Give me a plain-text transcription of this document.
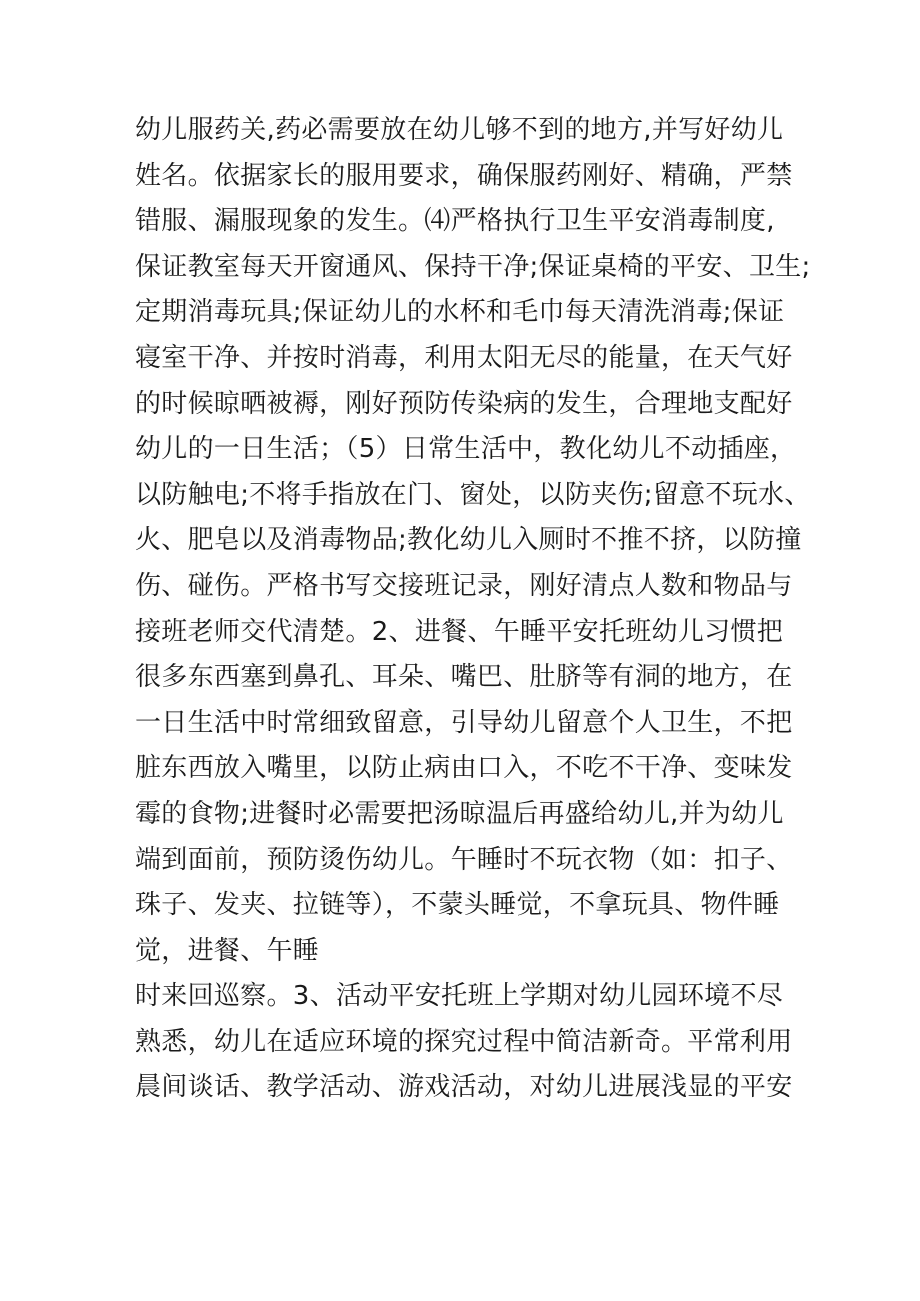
幼儿服药关,药必需要放在幼儿够不到的地方,并写好幼儿
姓名。依据家长的服用要求，确保服药刚好、精确，严禁
错服、漏服现象的发生。⑷严格执行卫生平安消毒制度,
保证教室每天开窗通风、保持干净;保证桌椅的平安、卫生;
定期消毒玩具;保证幼儿的水杯和毛巾每天清洗消毒;保证
寝室干净、并按时消毒，利用太阳无尽的能量，在天气好
的时候晾晒被褥，刚好预防传染病的发生，合理地支配好
幼儿的一日生活；（5）日常生活中，教化幼儿不动插座，
以防触电;不将手指放在门、窗处，以防夹伤;留意不玩水、
火、肥皂以及消毒物品;教化幼儿入厕时不推不挤，以防撞
伤、碰伤。严格书写交接班记录，刚好清点人数和物品与
接班老师交代清楚。2、进餐、午睡平安托班幼儿习惯把
很多东西塞到鼻孔、耳朵、嘴巴、肚脐等有洞的地方，在
一日生活中时常细致留意，引导幼儿留意个人卫生，不把
脏东西放入嘴里，以防止病由口入，不吃不干净、变味发
霉的食物;进餐时必需要把汤晾温后再盛给幼儿,并为幼儿
端到面前，预防烫伤幼儿。午睡时不玩衣物（如：扣子、
珠子、发夹、拉链等），不蒙头睡觉，不拿玩具、物件睡
觉，进餐、午睡
时来回巡察。3、活动平安托班上学期对幼儿园环境不尽
熟悉，幼儿在适应环境的探究过程中简洁新奇。平常利用
晨间谈话、教学活动、游戏活动，对幼儿进展浅显的平安
